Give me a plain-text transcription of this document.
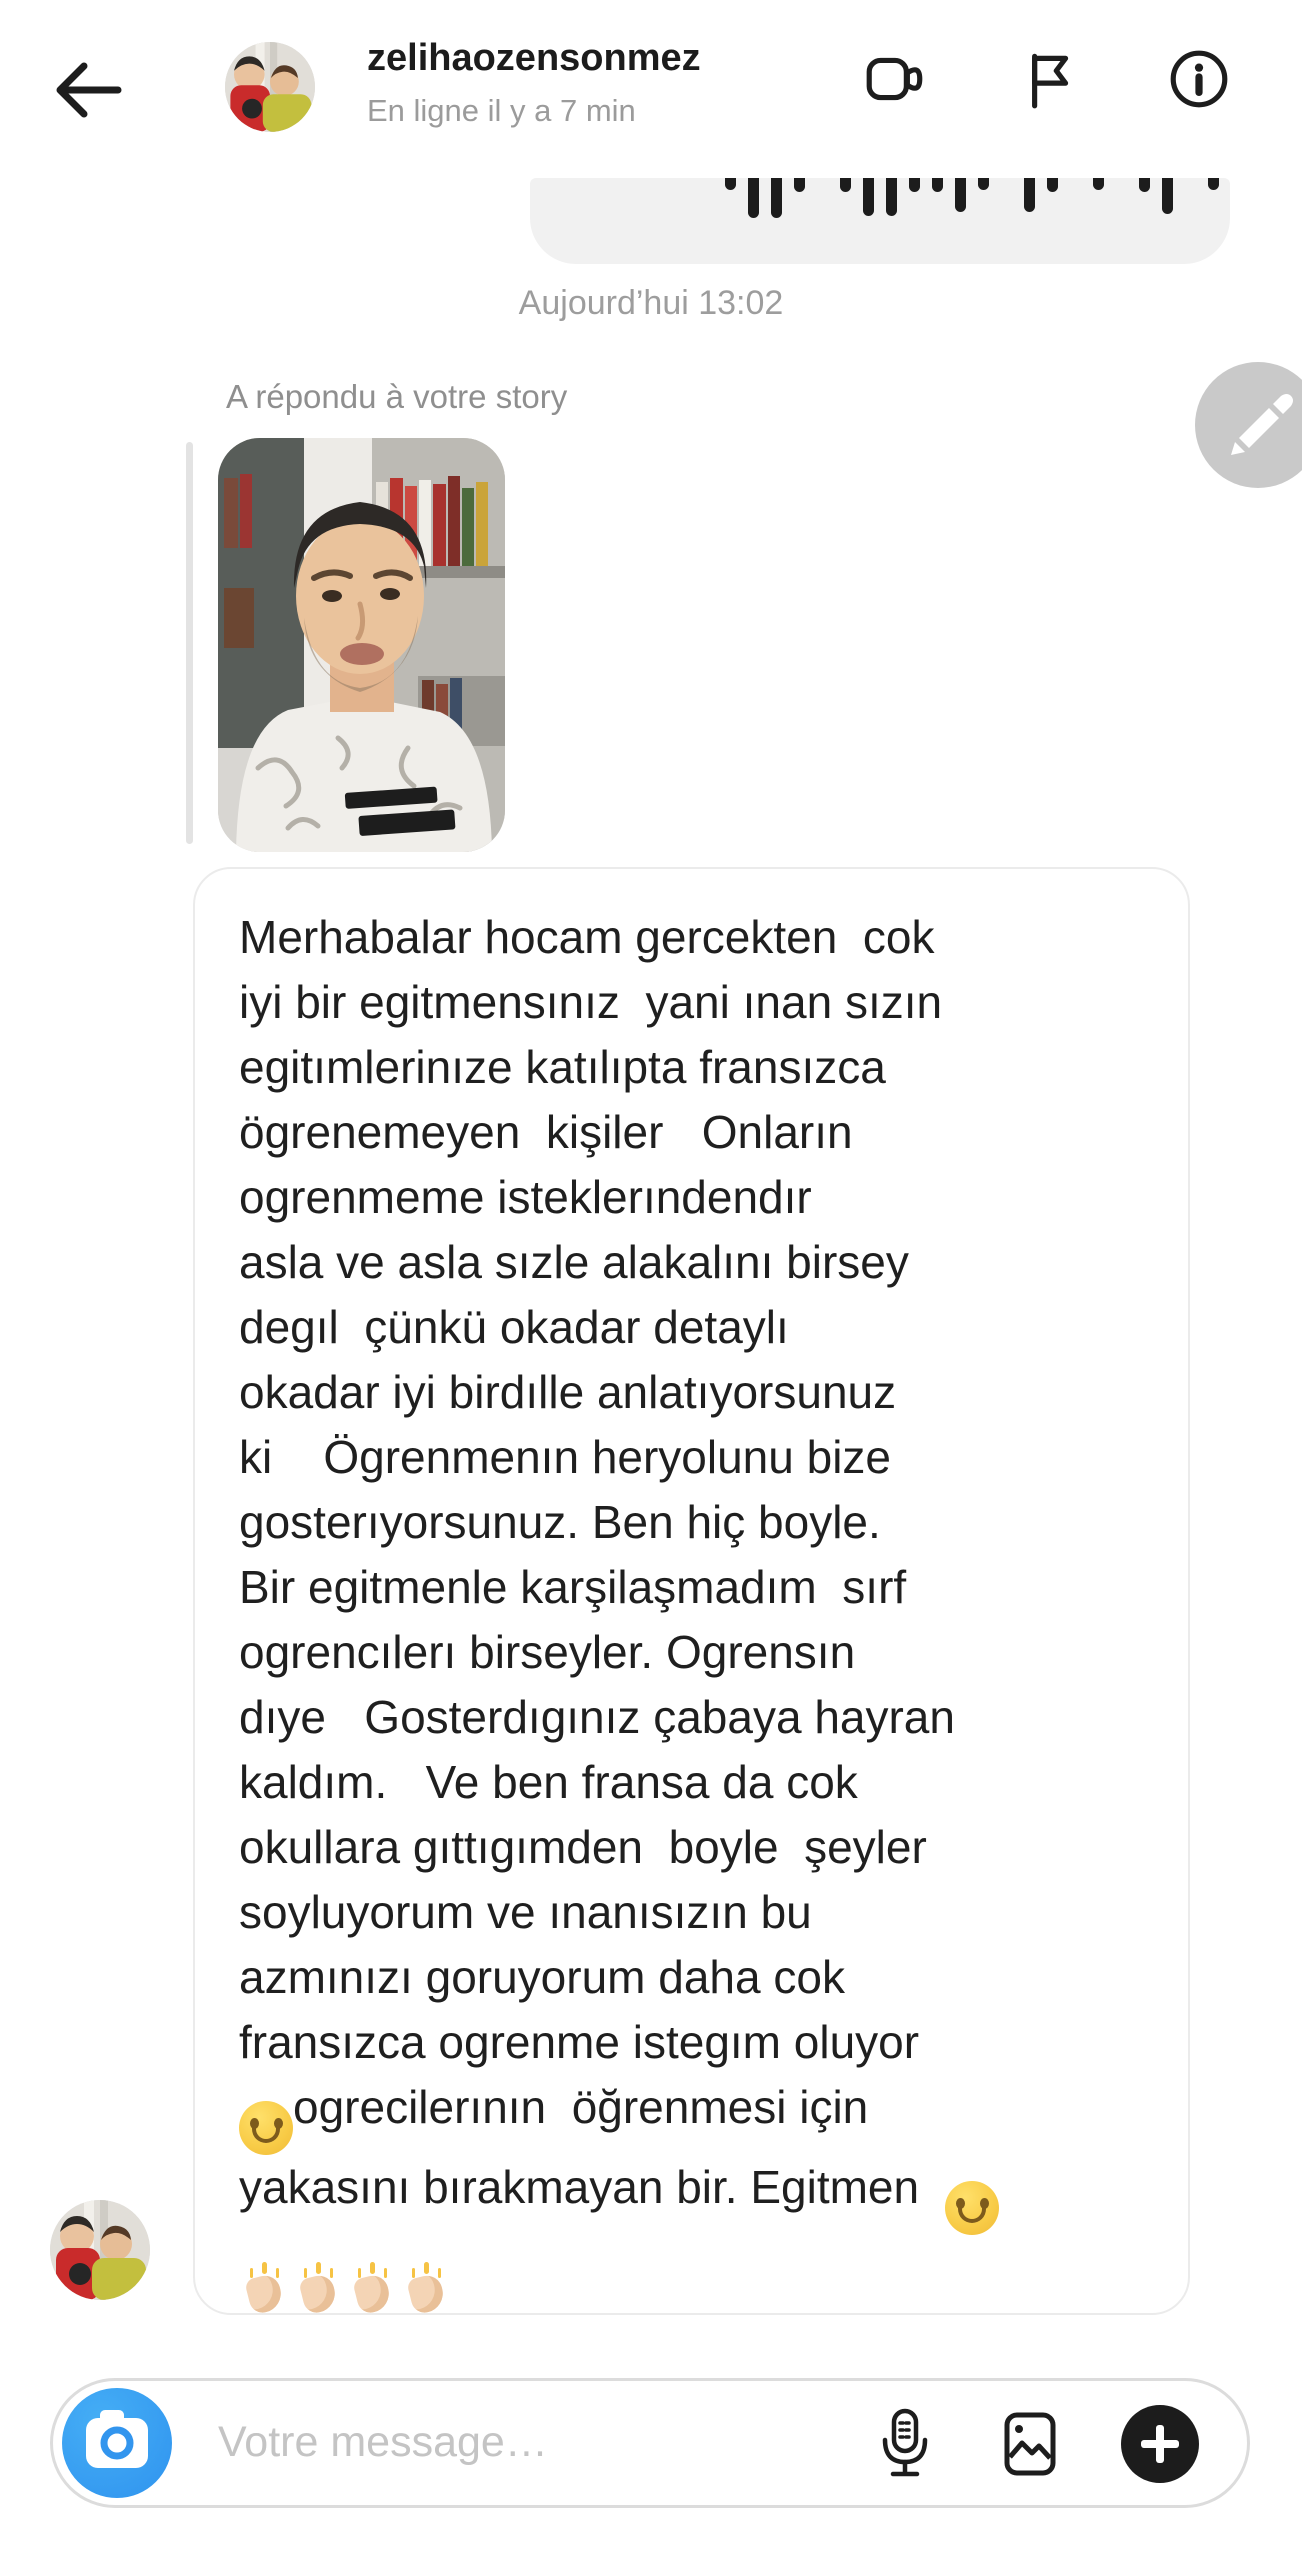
zelihaozensonmez
En ligne il y a 7 min
Aujourd’hui 13:02
A répondu à votre story
Merhabalar hocam gercekten  cok
iyi bir egitmensınız  yani ınan sızın
egitımlerinıze katılıpta fransızca
ögrenemeyen  kişiler   Onların
ogrenmeme isteklerındendır
asla ve asla sızle alakalını birsey
degıl  çünkü okadar detaylı
okadar iyi birdılle anlatıyorsunuz
ki    Ögrenmenın heryolunu bize
gosterıyorsunuz. Ben hiç boyle.
Bir egitmenle karşilaşmadım  sırf
ogrencılerı birseyler. Ogrensın
dıye   Gosterdıgınız çabaya hayran
kaldım.   Ve ben fransa da cok
okullara gıttıgımden  boyle  şeyler
soyluyorum ve ınanısızın bu
azmınızı goruyorum daha cok
fransızca ogrenme istegım oluyor
ogrecilerının  öğrenmesi için
yakasını bırakmayan bir. Egitmen
Votre message…
